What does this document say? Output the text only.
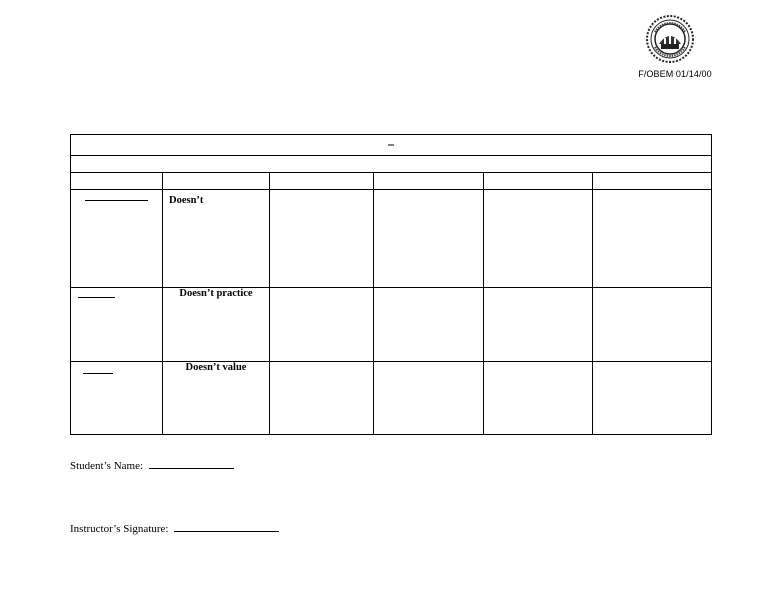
F/OBEM 01/14/00

	Doesn’t				

	Doesn’t practice				

	Doesn’t value				

Student’s Name:
Instructor’s Signature:
